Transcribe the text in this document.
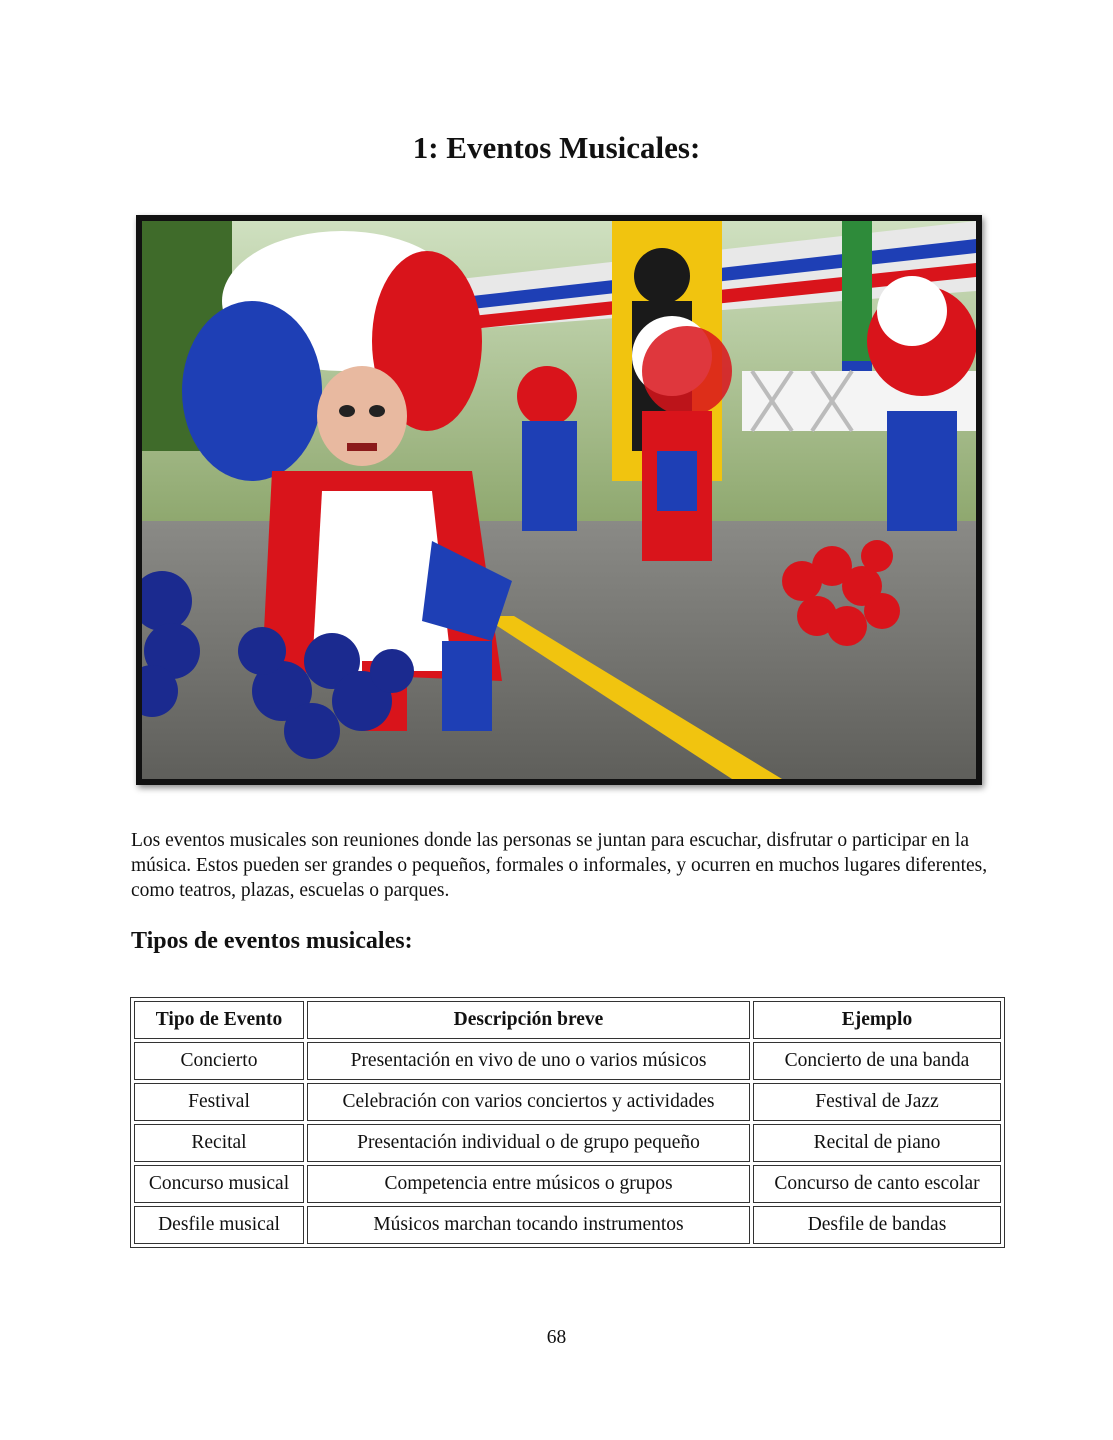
1: Eventos Musicales:

Los eventos musicales son reuniones donde las personas se juntan para escuchar, disfrutar o participar en la música. Estos pueden ser grandes o pequeños, formales o informales, y ocurren en muchos lugares diferentes, como teatros, plazas, escuelas o parques.

Tipos de eventos musicales:
Tipo de Evento	Descripción breve	Ejemplo
Concierto	Presentación en vivo de uno o varios músicos	Concierto de una banda
Festival	Celebración con varios conciertos y actividades	Festival de Jazz
Recital	Presentación individual o de grupo pequeño	Recital de piano
Concurso musical	Competencia entre músicos o grupos	Concurso de canto escolar
Desfile musical	Músicos marchan tocando instrumentos	Desfile de bandas

68
